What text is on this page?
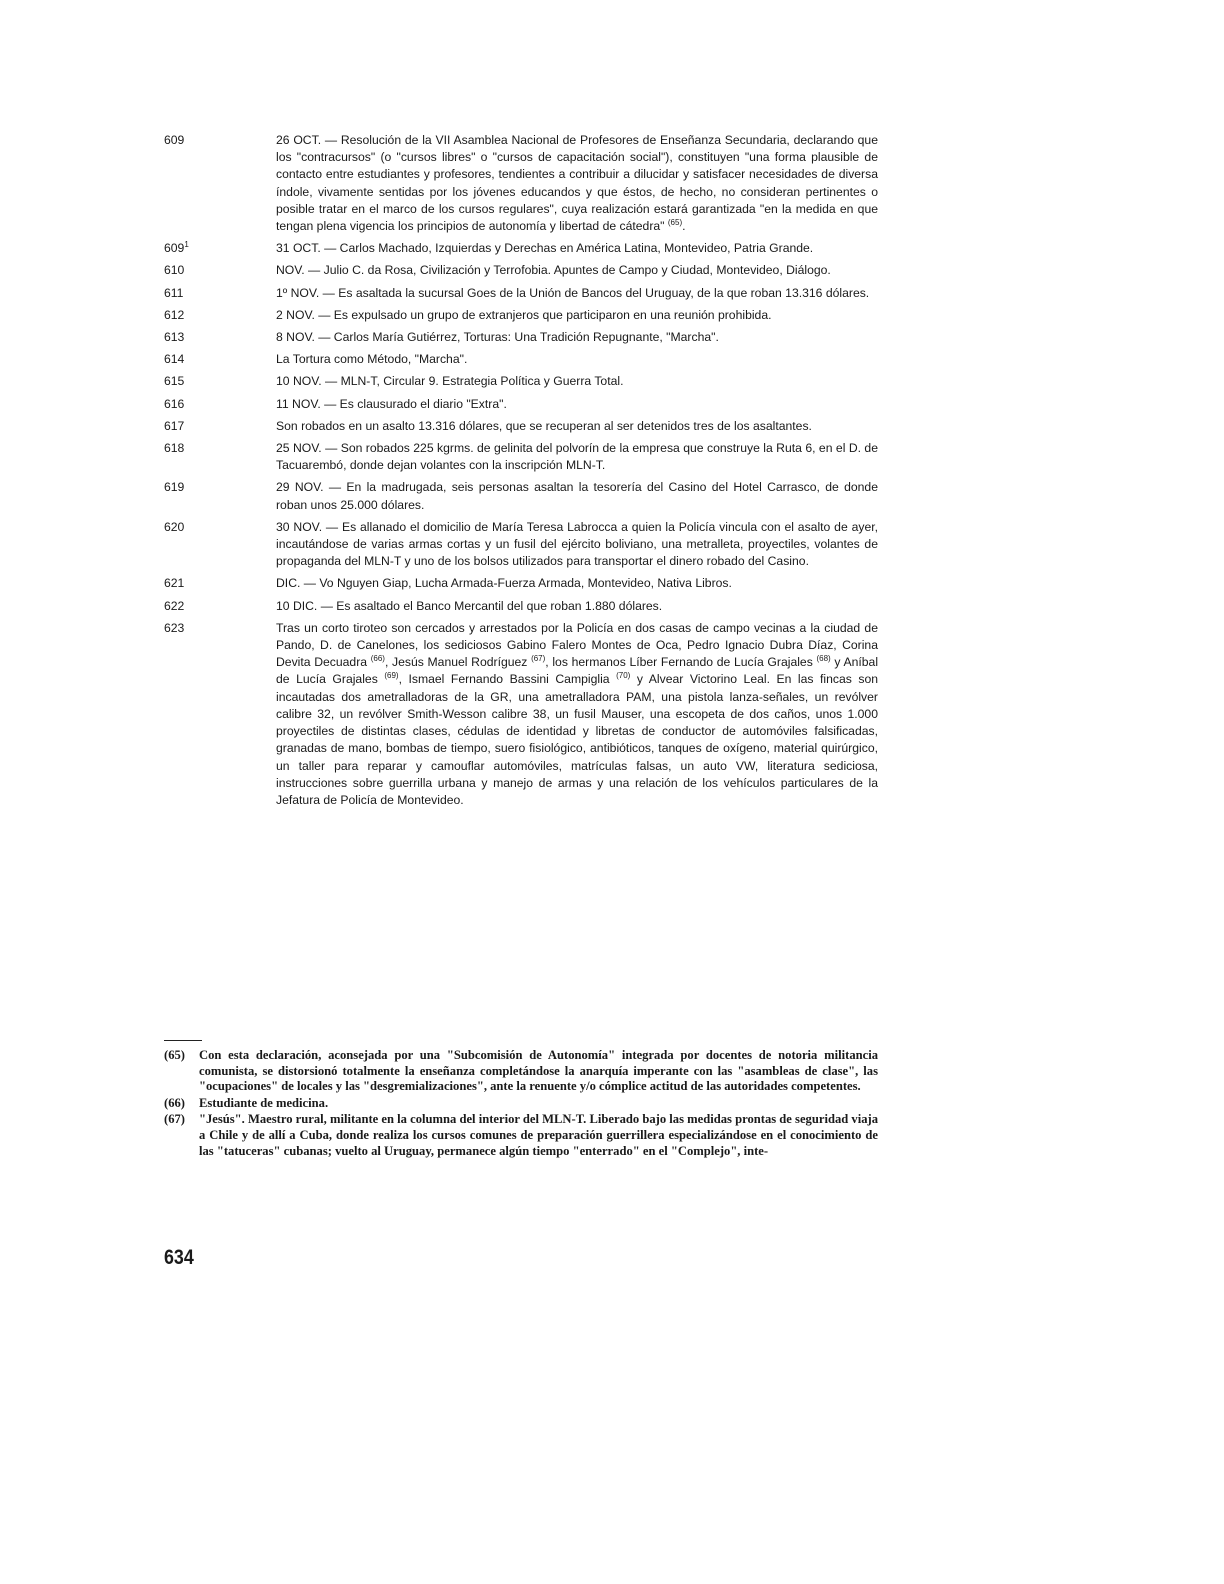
609	26 OCT. — Resolución de la VII Asamblea Nacional de Profesores de Enseñanza Secundaria, declarando que los "contracursos" (o "cursos libres" o "cursos de capacitación social"), constituyen "una forma plausible de contacto entre estudiantes y profesores, tendientes a contribuir a dilucidar y satisfacer necesidades de diversa índole, vivamente sentidas por los jóvenes educandos y que éstos, de hecho, no consideran pertinentes o posible tratar en el marco de los cursos regulares", cuya realización estará garantizada "en la medida en que tengan plena vigencia los principios de autonomía y libertad de cátedra" $^{(65)}$.
$609^1$	31 OCT. — Carlos Machado, Izquierdas y Derechas en América Latina, Montevideo, Patria Grande.
610	NOV. — Julio C. da Rosa, Civilización y Terrofobia. Apuntes de Campo y Ciudad, Montevideo, Diálogo.
611	1º NOV. — Es asaltada la sucursal Goes de la Unión de Bancos del Uruguay, de la que roban 13.316 dólares.
612	2 NOV. — Es expulsado un grupo de extranjeros que participaron en una reunión prohibida.
613	8 NOV. — Carlos María Gutiérrez, Torturas: Una Tradición Repugnante, "Marcha".
614	La Tortura como Método, "Marcha".
615	10 NOV. — MLN-T, Circular 9. Estrategia Política y Guerra Total.
616	11 NOV. — Es clausurado el diario "Extra".
617	Son robados en un asalto 13.316 dólares, que se recuperan al ser detenidos tres de los asaltantes.
618	25 NOV. — Son robados 225 kgrms. de gelinita del polvorín de la empresa que construye la Ruta 6, en el D. de Tacuarembó, donde dejan volantes con la inscripción MLN-T.
619	29 NOV. — En la madrugada, seis personas asaltan la tesorería del Casino del Hotel Carrasco, de donde roban unos 25.000 dólares.
620	30 NOV. — Es allanado el domicilio de María Teresa Labrocca a quien la Policía vincula con el asalto de ayer, incautándose de varias armas cortas y un fusil del ejército boliviano, una metralleta, proyectiles, volantes de propaganda del MLN-T y uno de los bolsos utilizados para transportar el dinero robado del Casino.
621	DIC. — Vo Nguyen Giap, Lucha Armada-Fuerza Armada, Montevideo, Nativa Libros.
622	10 DIC. — Es asaltado el Banco Mercantil del que roban 1.880 dólares.
623	Tras un corto tiroteo son cercados y arrestados por la Policía en dos casas de campo vecinas a la ciudad de Pando, D. de Canelones, los sediciosos Gabino Falero Montes de Oca, Pedro Ignacio Dubra Díaz, Corina Devita Decuadra $^{(66)}$, Jesús Manuel Rodríguez $^{(67)}$, los hermanos Líber Fernando de Lucía Grajales $^{(68)}$ y Aníbal de Lucía Grajales $^{(69)}$, Ismael Fernando Bassini Campiglia $^{(70)}$ y Alvear Victorino Leal. En las fincas son incautadas dos ametralladoras de la GR, una ametralladora PAM, una pistola lanza-señales, un revólver calibre 32, un revólver Smith-Wesson calibre 38, un fusil Mauser, una escopeta de dos caños, unos 1.000 proyectiles de distintas clases, cédulas de identidad y libretas de conductor de automóviles falsificadas, granadas de mano, bombas de tiempo, suero fisiológico, antibióticos, tanques de oxígeno, material quirúrgico, un taller para reparar y camouflar automóviles, matrículas falsas, un auto VW, literatura sediciosa, instrucciones sobre guerrilla urbana y manejo de armas y una relación de los vehículos particulares de la Jefatura de Policía de Montevideo.
(65)	Con esta declaración, aconsejada por una "Subcomisión de Autonomía" integrada por docentes de notoria militancia comunista, se distorsionó totalmente la enseñanza completándose la anarquía imperante con las "asambleas de clase", las "ocupaciones" de locales y las "desgremializaciones", ante la renuente y/o cómplice actitud de las autoridades competentes.
(66)	Estudiante de medicina.
(67)	"Jesús". Maestro rural, militante en la columna del interior del MLN-T. Liberado bajo las medidas prontas de seguridad viaja a Chile y de allí a Cuba, donde realiza los cursos comunes de preparación guerrillera especializándose en el conocimiento de las "tatuceras" cubanas; vuelto al Uruguay, permanece algún tiempo "enterrado" en el "Complejo", inte-
634
